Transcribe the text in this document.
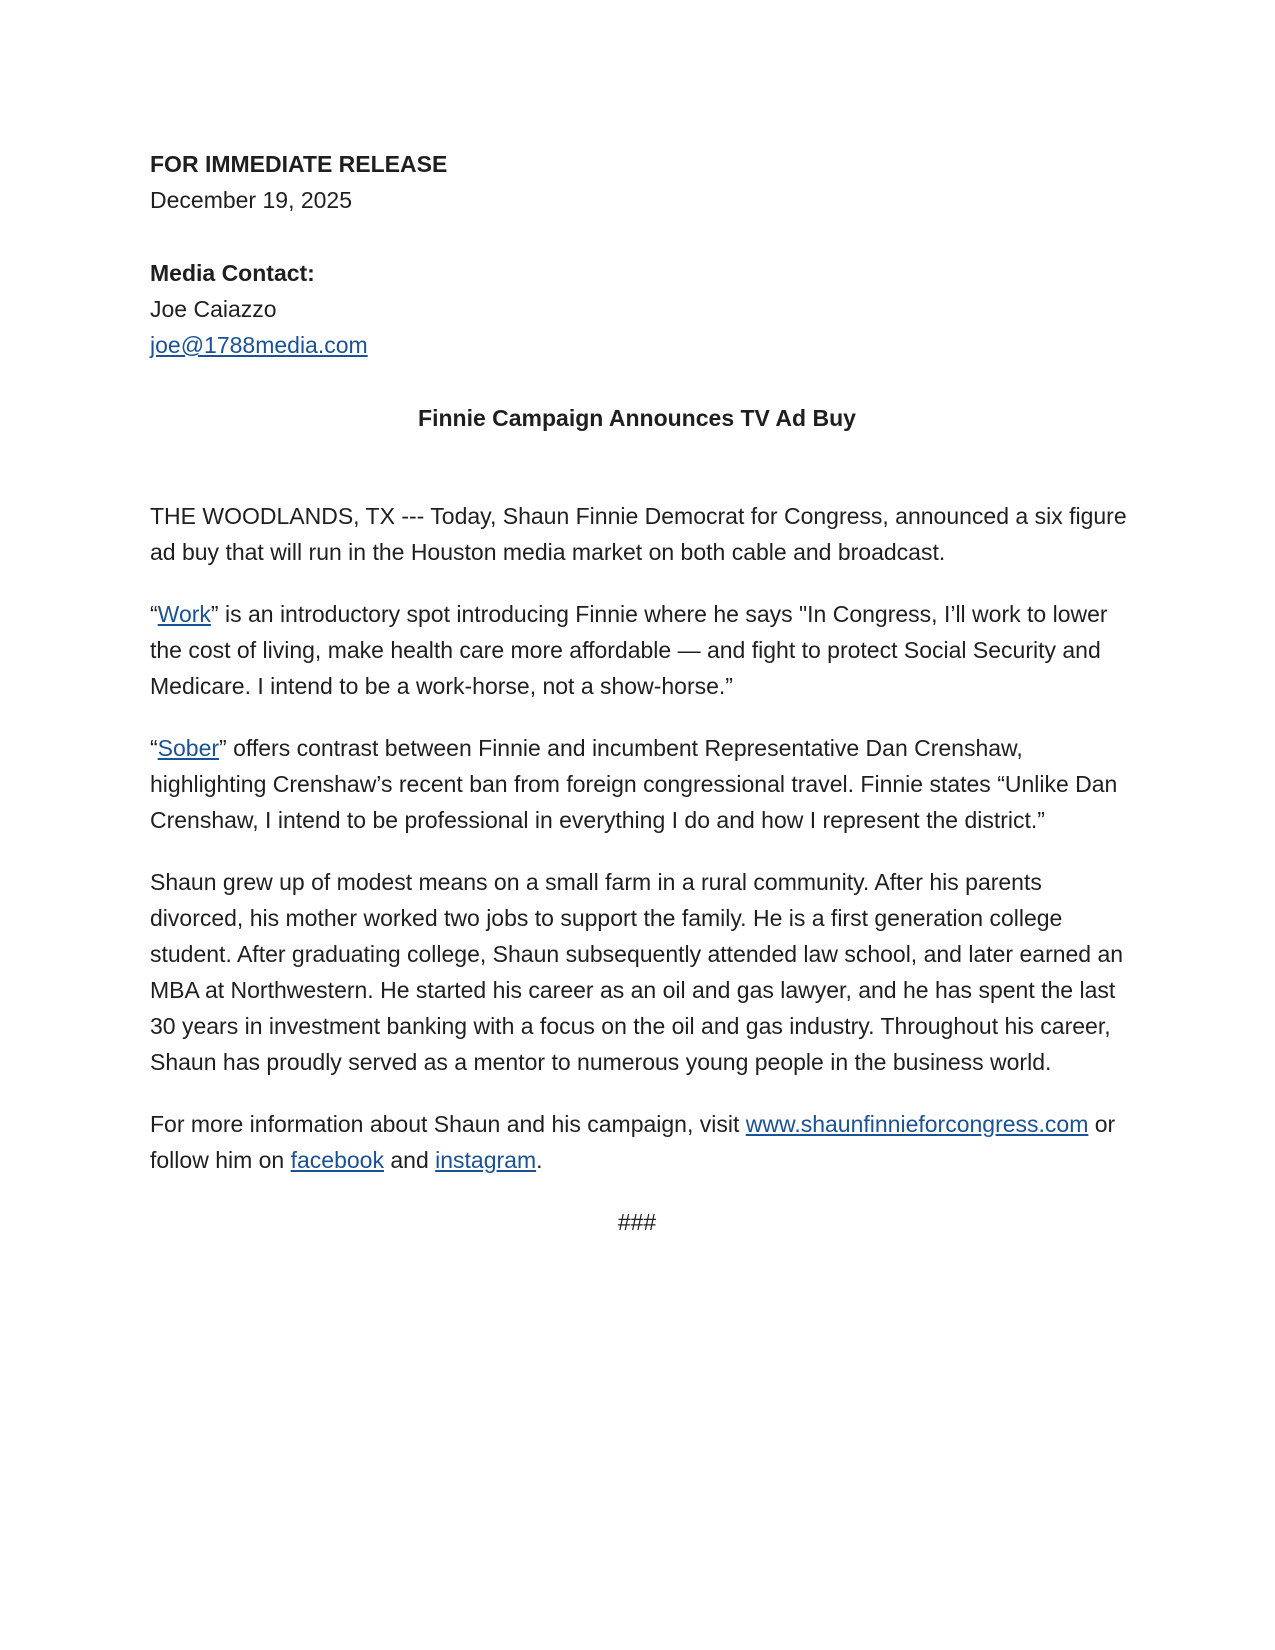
FOR IMMEDIATE RELEASE

December 19, 2025

Media Contact:

Joe Caiazzo

joe@1788media.com

Finnie Campaign Announces TV Ad Buy

THE WOODLANDS, TX --- Today, Shaun Finnie Democrat for Congress, announced a six figure ad buy that will run in the Houston media market on both cable and broadcast.

“Work” is an introductory spot introducing Finnie where he says "In Congress, I’ll work to lower the cost of living, make health care more affordable — and fight to protect Social Security and Medicare. I intend to be a work-horse, not a show-horse.”

“Sober” offers contrast between Finnie and incumbent Representative Dan Crenshaw, highlighting Crenshaw’s recent ban from foreign congressional travel. Finnie states “Unlike Dan Crenshaw, I intend to be professional in everything I do and how I represent the district.”

Shaun grew up of modest means on a small farm in a rural community. After his parents divorced, his mother worked two jobs to support the family. He is a first generation college student. After graduating college, Shaun subsequently attended law school, and later earned an MBA at Northwestern. He started his career as an oil and gas lawyer, and he has spent the last 30 years in investment banking with a focus on the oil and gas industry. Throughout his career, Shaun has proudly served as a mentor to numerous young people in the business world.

For more information about Shaun and his campaign, visit www.shaunfinnieforcongress.com or follow him on facebook and instagram.

###
